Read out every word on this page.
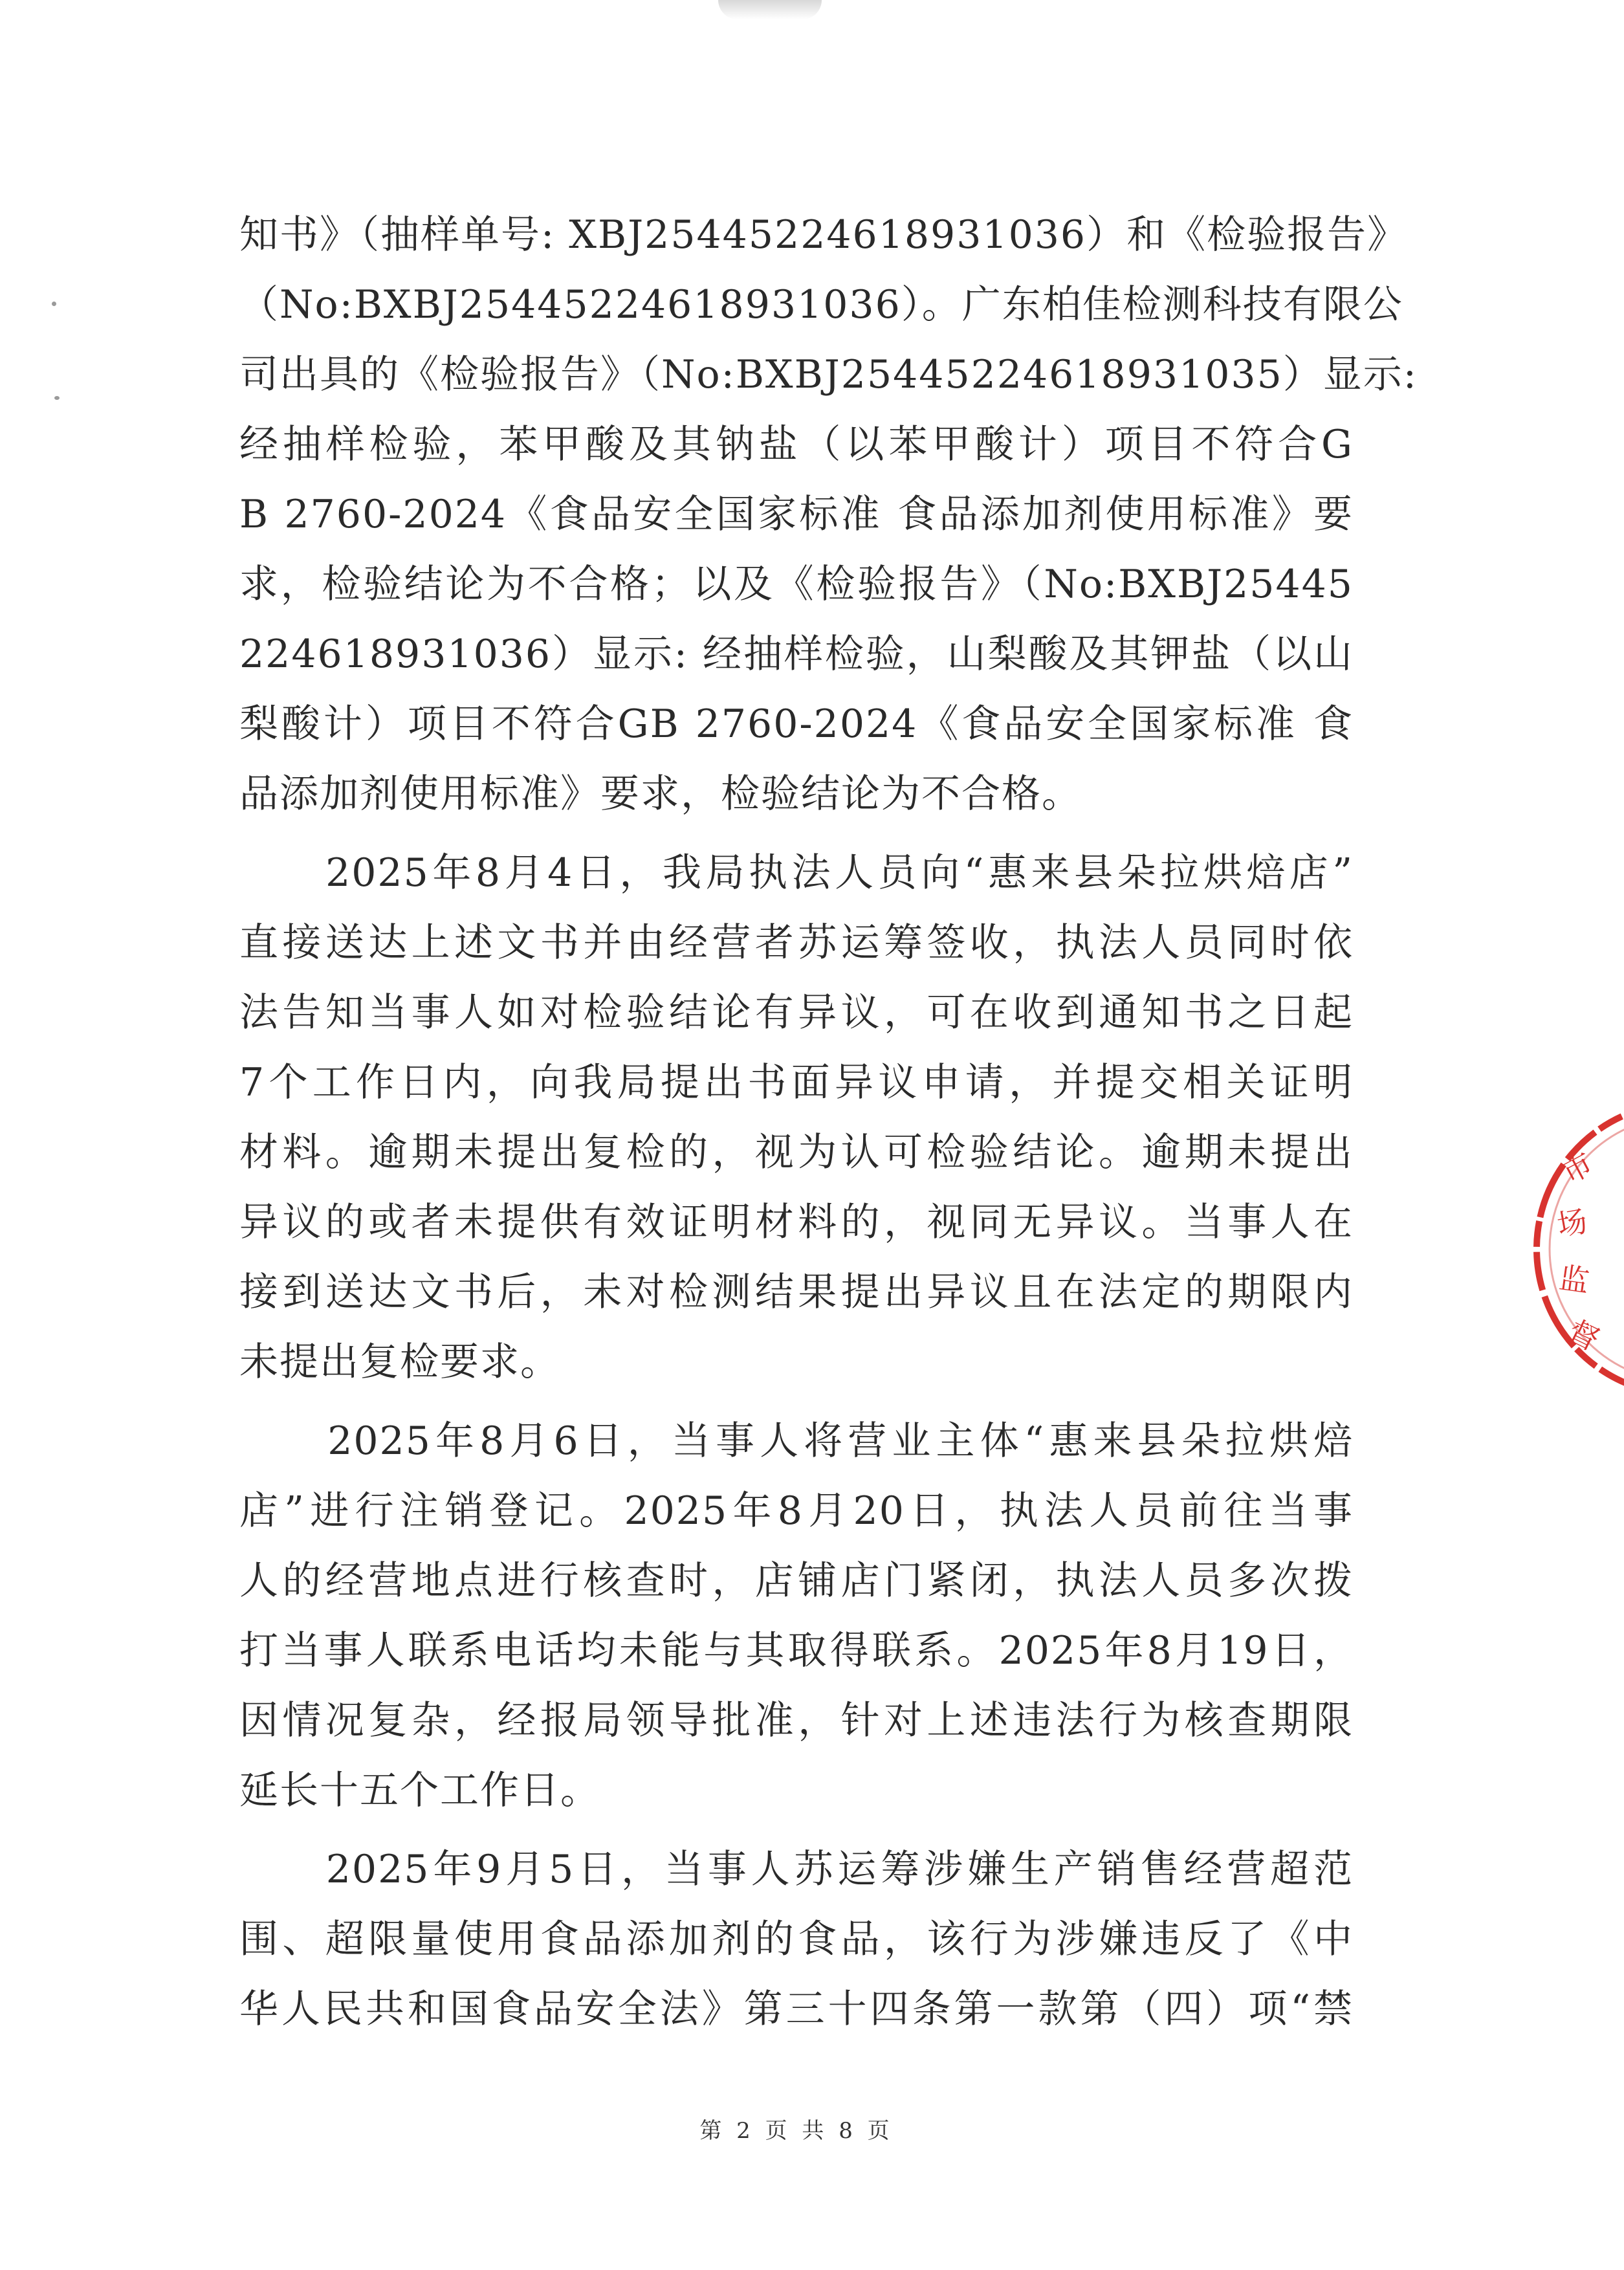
知书》（抽样单号: XBJ25445224618931036）和《检验报告》
（No:BXBJ25445224618931036）。广东柏佳检测科技有限公
司出具的《检验报告》（No:BXBJ25445224618931035）显示:
经抽样检验，苯甲酸及其钠盐（以苯甲酸计）项目不符合G
B 2760-2024《食品安全国家标准 食品添加剂使用标准》要
求，检验结论为不合格；以及《检验报告》（No:BXBJ25445
224618931036）显示: 经抽样检验，山梨酸及其钾盐（以山
梨酸计）项目不符合GB 2760-2024《食品安全国家标准 食
品添加剂使用标准》要求，检验结论为不合格。
　　2025年8月4日，我局执法人员向“惠来县朵拉烘焙店”
直接送达上述文书并由经营者苏运筹签收，执法人员同时依
法告知当事人如对检验结论有异议，可在收到通知书之日起
7个工作日内，向我局提出书面异议申请，并提交相关证明
材料。逾期未提出复检的，视为认可检验结论。逾期未提出
异议的或者未提供有效证明材料的，视同无异议。当事人在
接到送达文书后，未对检测结果提出异议且在法定的期限内
未提出复检要求。
　　2025年8月6日，当事人将营业主体“惠来县朵拉烘焙
店”进行注销登记。2025年8月20日，执法人员前往当事
人的经营地点进行核查时，店铺店门紧闭，执法人员多次拨
打当事人联系电话均未能与其取得联系。2025年8月19日，
因情况复杂，经报局领导批准，针对上述违法行为核查期限
延长十五个工作日。
　　2025年9月5日，当事人苏运筹涉嫌生产销售经营超范
围、超限量使用食品添加剂的食品，该行为涉嫌违反了《中
华人民共和国食品安全法》第三十四条第一款第（四）项“禁
第 2 页 共 8 页
市
场
监
督
